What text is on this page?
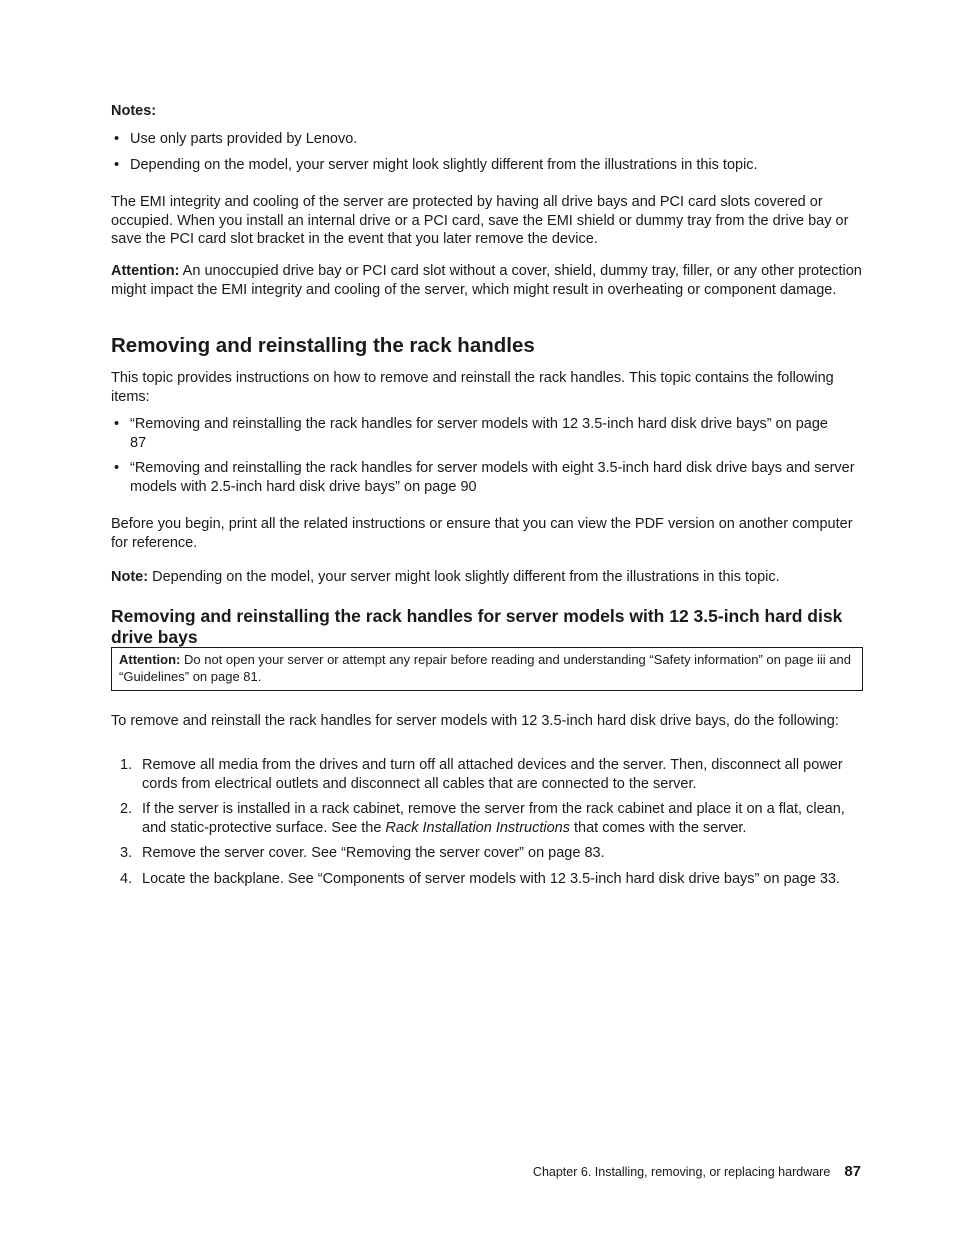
Notes:
• Use only parts provided by Lenovo.
• Depending on the model, your server might look slightly different from the illustrations in this topic.

The EMI integrity and cooling of the server are protected by having all drive bays and PCI card slots covered or occupied. When you install an internal drive or a PCI card, save the EMI shield or dummy tray from the drive bay or save the PCI card slot bracket in the event that you later remove the device.

Attention: An unoccupied drive bay or PCI card slot without a cover, shield, dummy tray, filler, or any other protection might impact the EMI integrity and cooling of the server, which might result in overheating or component damage.

Removing and reinstalling the rack handles

This topic provides instructions on how to remove and reinstall the rack handles. This topic contains the following items:

• “Removing and reinstalling the rack handles for server models with 12 3.5-inch hard disk drive bays” on page 87
• “Removing and reinstalling the rack handles for server models with eight 3.5-inch hard disk drive bays and server models with 2.5-inch hard disk drive bays” on page 90

Before you begin, print all the related instructions or ensure that you can view the PDF version on another computer for reference.

Note: Depending on the model, your server might look slightly different from the illustrations in this topic.

Removing and reinstalling the rack handles for server models with 12 3.5-inch hard disk drive bays
Attention: Do not open your server or attempt any repair before reading and understanding “Safety information” on page iii and “Guidelines” on page 81.

To remove and reinstall the rack handles for server models with 12 3.5-inch hard disk drive bays, do the following:

1. Remove all media from the drives and turn off all attached devices and the server. Then, disconnect all power cords from electrical outlets and disconnect all cables that are connected to the server.
2. If the server is installed in a rack cabinet, remove the server from the rack cabinet and place it on a flat, clean, and static-protective surface. See the Rack Installation Instructions that comes with the server.
3. Remove the server cover. See “Removing the server cover” on page 83.
4. Locate the backplane. See “Components of server models with 12 3.5-inch hard disk drive bays” on page 33.
Chapter 6. Installing, removing, or replacing hardware 87
